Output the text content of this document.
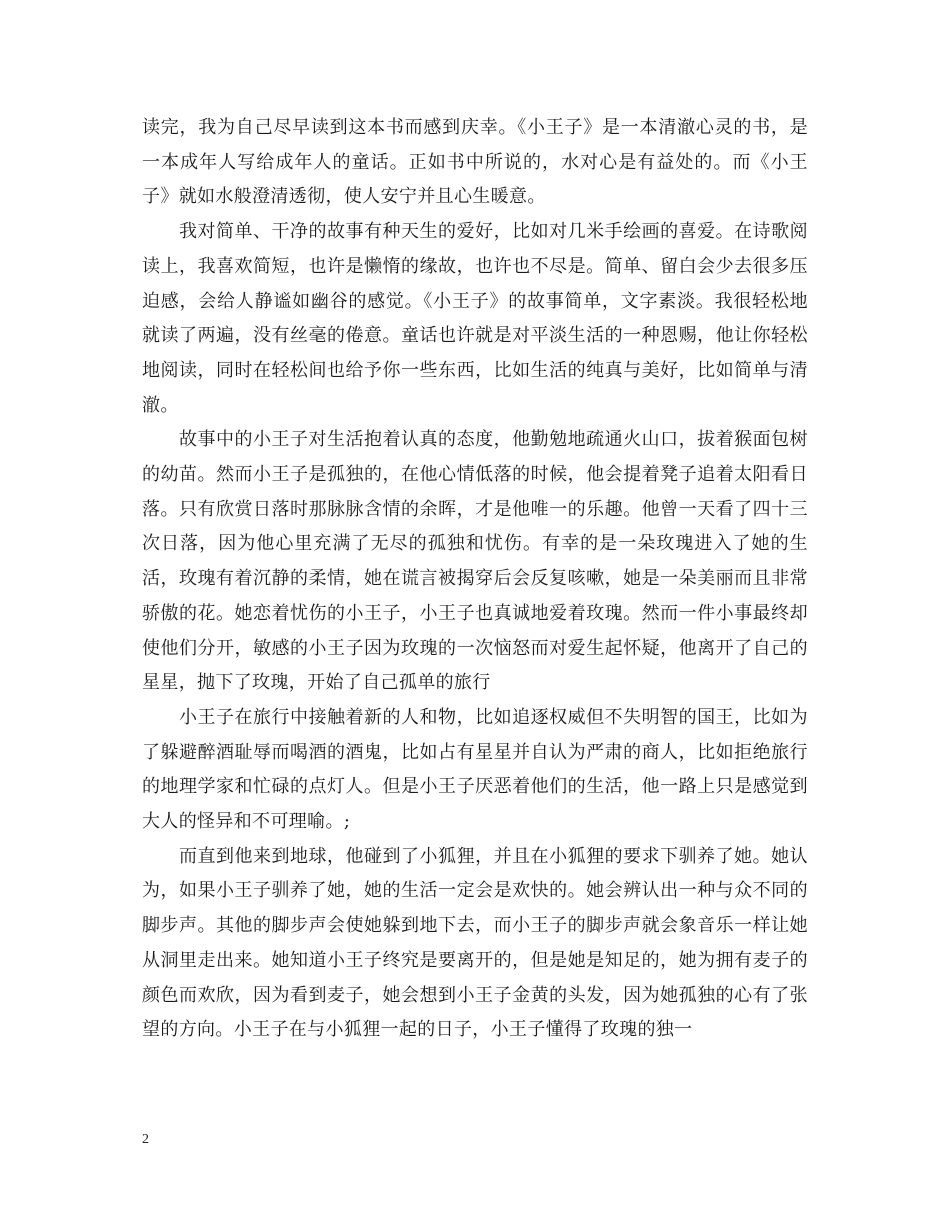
读完，我为自己尽早读到这本书而感到庆幸。《小王子》是一本清澈心灵的书，是一本成年人写给成年人的童话。正如书中所说的，水对心是有益处的。而《小王子》就如水般澄清透彻，使人安宁并且心生暖意。

我对简单、干净的故事有种天生的爱好，比如对几米手绘画的喜爱。在诗歌阅读上，我喜欢简短，也许是懒惰的缘故，也许也不尽是。简单、留白会少去很多压迫感，会给人静谧如幽谷的感觉。《小王子》的故事简单，文字素淡。我很轻松地就读了两遍，没有丝毫的倦意。童话也许就是对平淡生活的一种恩赐，他让你轻松地阅读，同时在轻松间也给予你一些东西，比如生活的纯真与美好，比如简单与清澈。

故事中的小王子对生活抱着认真的态度，他勤勉地疏通火山口，拔着猴面包树的幼苗。然而小王子是孤独的，在他心情低落的时候，他会提着凳子追着太阳看日落。只有欣赏日落时那脉脉含情的余晖，才是他唯一的乐趣。他曾一天看了四十三次日落，因为他心里充满了无尽的孤独和忧伤。有幸的是一朵玫瑰进入了她的生活，玫瑰有着沉静的柔情，她在谎言被揭穿后会反复咳嗽，她是一朵美丽而且非常骄傲的花。她恋着忧伤的小王子，小王子也真诚地爱着玫瑰。然而一件小事最终却使他们分开，敏感的小王子因为玫瑰的一次恼怒而对爱生起怀疑，他离开了自己的星星，抛下了玫瑰，开始了自己孤单的旅行

小王子在旅行中接触着新的人和物，比如追逐权威但不失明智的国王，比如为了躲避醉酒耻辱而喝酒的酒鬼，比如占有星星并自认为严肃的商人，比如拒绝旅行的地理学家和忙碌的点灯人。但是小王子厌恶着他们的生活，他一路上只是感觉到大人的怪异和不可理喻。;

而直到他来到地球，他碰到了小狐狸，并且在小狐狸的要求下驯养了她。她认为，如果小王子驯养了她，她的生活一定会是欢快的。她会辨认出一种与众不同的脚步声。其他的脚步声会使她躲到地下去，而小王子的脚步声就会象音乐一样让她从洞里走出来。她知道小王子终究是要离开的，但是她是知足的，她为拥有麦子的颜色而欢欣，因为看到麦子，她会想到小王子金黄的头发，因为她孤独的心有了张望的方向。小王子在与小狐狸一起的日子，小王子懂得了玫瑰的独一

2
